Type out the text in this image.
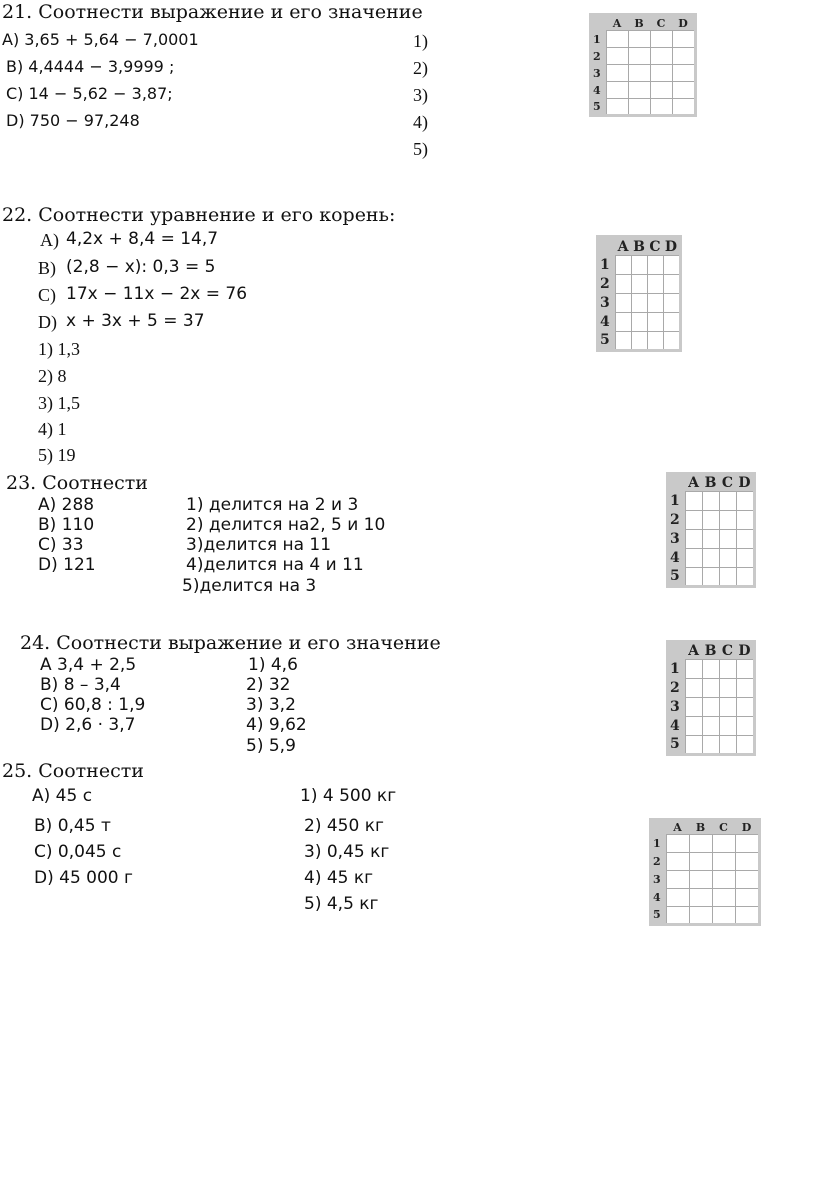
21. Соотнести выражение и его значение
A) 3,65 + 5,64 − 7,0001
B) 4,4444 − 3,9999 ;
C) 14 − 5,62 − 3,87;
D) 750 − 97,248
1)
2)
3)
4)
5)
	A	B	C	D
1				
2				
3				
4				
5				
22. Соотнести уравнение и его корень:
A) 4,2x + 8,4 = 14,7
B) (2,8 − x): 0,3 = 5
C) 17x − 11x − 2x = 76
D) x + 3x + 5 = 37
1) 1,3
2) 8
3) 1,5
4) 1
5) 19
	A	B	C	D
1				
2				
3				
4				
5				
23. Соотнести
A) 288
B) 110
C) 33
D) 121
1) делится на 2 и 3
2) делится на2, 5 и 10
3)делится на 11
4)делится на 4 и 11
5)делится на 3
	A	B	C	D
1				
2				
3				
4				
5				
24. Соотнести выражение и его значение
A 3,4 + 2,5
B) 8 – 3,4
C) 60,8 : 1,9
D) 2,6 · 3,7
1) 4,6
2) 32
3) 3,2
4) 9,62
5) 5,9
	A	B	C	D
1				
2				
3				
4				
5				
25. Соотнести
A) 45 с
B) 0,45 т
C) 0,045 с
D) 45 000 г
1) 4 500 кг
2) 450 кг
3) 0,45 кг
4) 45 кг
5) 4,5 кг
	A	B	C	D
1				
2				
3				
4				
5				
